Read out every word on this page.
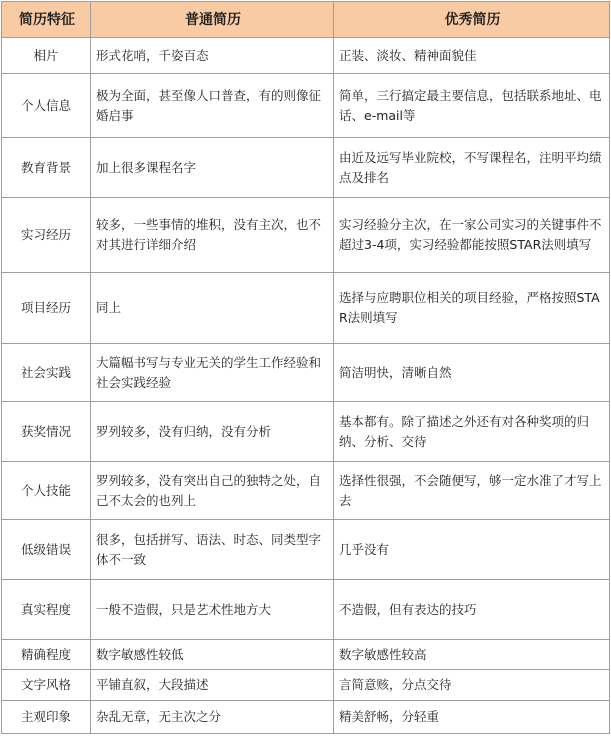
简历特征	普通简历	优秀简历
相片	形式花哨，千姿百态	正装、淡妆、精神面貌佳
个人信息	极为全面，甚至像人口普查，有的则像征婚启事	简单，三行搞定最主要信息，包括联系地址、电话、e-mail等
教育背景	加上很多课程名字	由近及远写毕业院校，不写课程名，注明平均绩点及排名
实习经历	较多，一些事情的堆积，没有主次，也不对其进行详细介绍	实习经验分主次，在一家公司实习的关键事件不超过3-4项，实习经验都能按照STAR法则填写
项目经历	同上	选择与应聘职位相关的项目经验，严格按照STAR法则填写
社会实践	大篇幅书写与专业无关的学生工作经验和社会实践经验	简洁明快，清晰自然
获奖情况	罗列较多，没有归纳，没有分析	基本都有。除了描述之外还有对各种奖项的归纳、分析、交待
个人技能	罗列较多，没有突出自己的独特之处，自己不太会的也列上	选择性很强，不会随便写，够一定水准了才写上去
低级错误	很多，包括拼写、语法、时态、同类型字体不一致	几乎没有
真实程度	一般不造假，只是艺术性地方大	不造假，但有表达的技巧
精确程度	数字敏感性较低	数字敏感性较高
文字风格	平铺直叙，大段描述	言简意赅，分点交待
主观印象	杂乱无章，无主次之分	精美舒畅，分轻重
